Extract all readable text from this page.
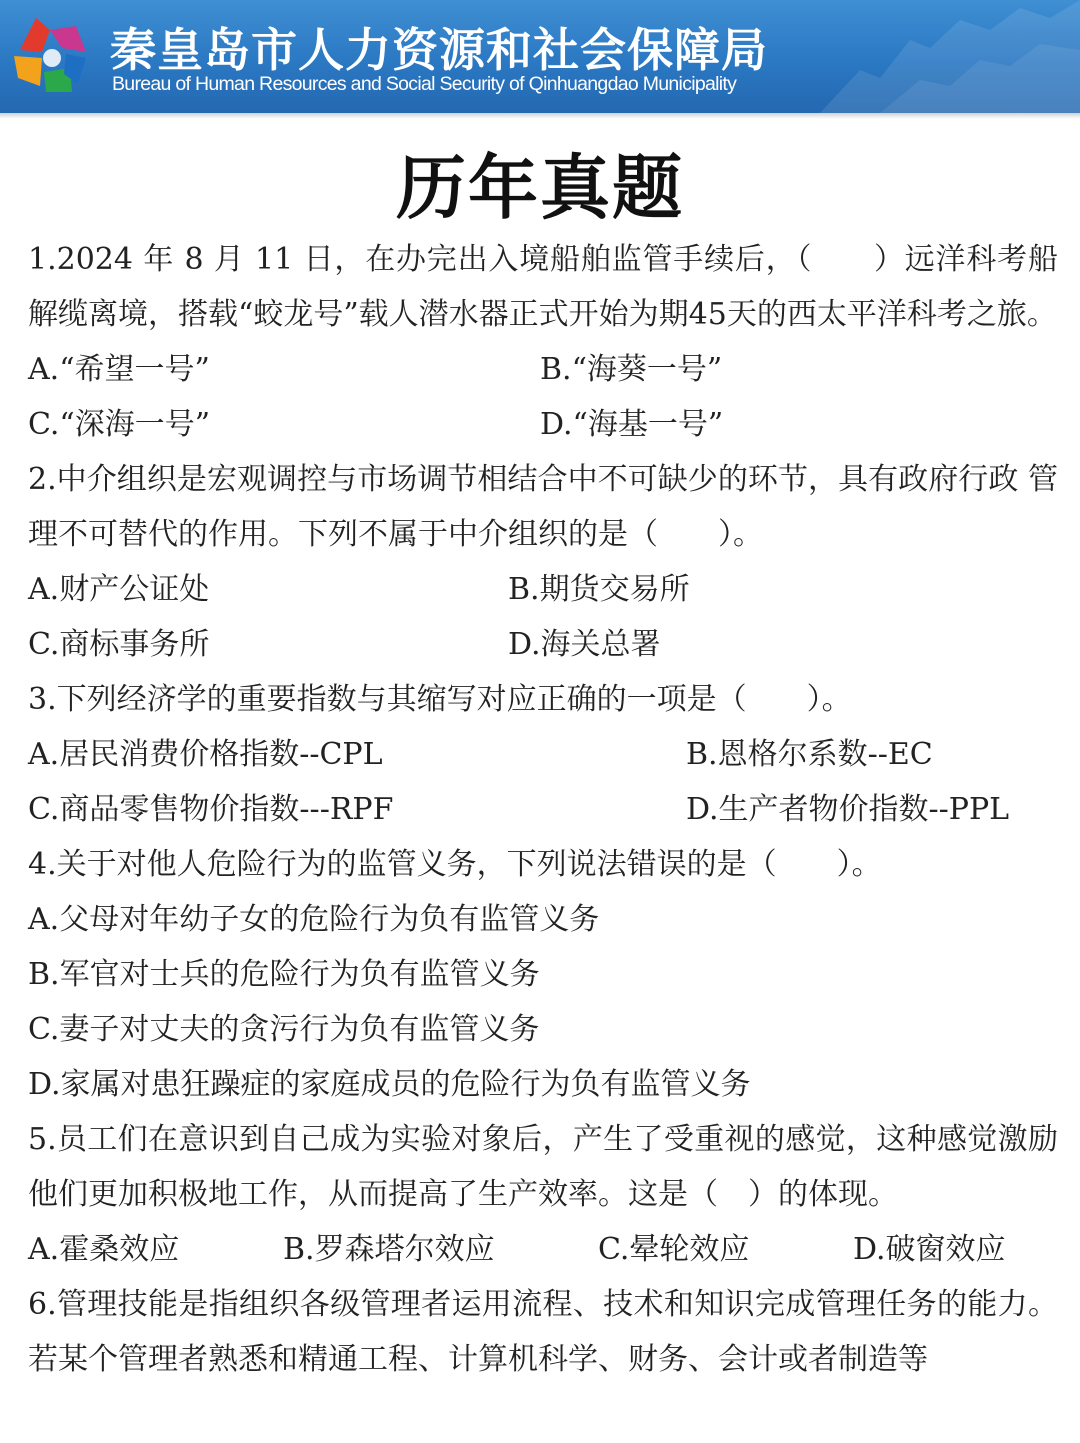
秦皇岛市人力资源和社会保障局
Bureau of Human Resources and Social Security of Qinhuangdao Municipality
历年真题
1.2024 年 8 月 11 日，在办完出入境船舶监管手续后，（　　）远洋科考船解缆离境，搭载“蛟龙号”载人潜水器正式开始为期45天的西太平洋科考之旅。
A.“希望一号”	B.“海葵一号”
C.“深海一号”	D.“海基一号”
2.中介组织是宏观调控与市场调节相结合中不可缺少的环节，具有政府行政 管理不可替代的作用。下列不属于中介组织的是（　　）。
A.财产公证处	B.期货交易所
C.商标事务所	D.海关总署
3.下列经济学的重要指数与其缩写对应正确的一项是（　　）。
A.居民消费价格指数--CPL	B.恩格尔系数--EC
C.商品零售物价指数---RPF	D.生产者物价指数--PPL
4.关于对他人危险行为的监管义务，下列说法错误的是（　　）。
A.父母对年幼子女的危险行为负有监管义务
B.军官对士兵的危险行为负有监管义务
C.妻子对丈夫的贪污行为负有监管义务
D.家属对患狂躁症的家庭成员的危险行为负有监管义务
5.员工们在意识到自己成为实验对象后，产生了受重视的感觉，这种感觉激励他们更加积极地工作，从而提高了生产效率。这是（　）的体现。
A.霍桑效应	B.罗森塔尔效应	C.晕轮效应	D.破窗效应
6.管理技能是指组织各级管理者运用流程、技术和知识完成管理任务的能力。 若某个管理者熟悉和精通工程、计算机科学、财务、会计或者制造等
